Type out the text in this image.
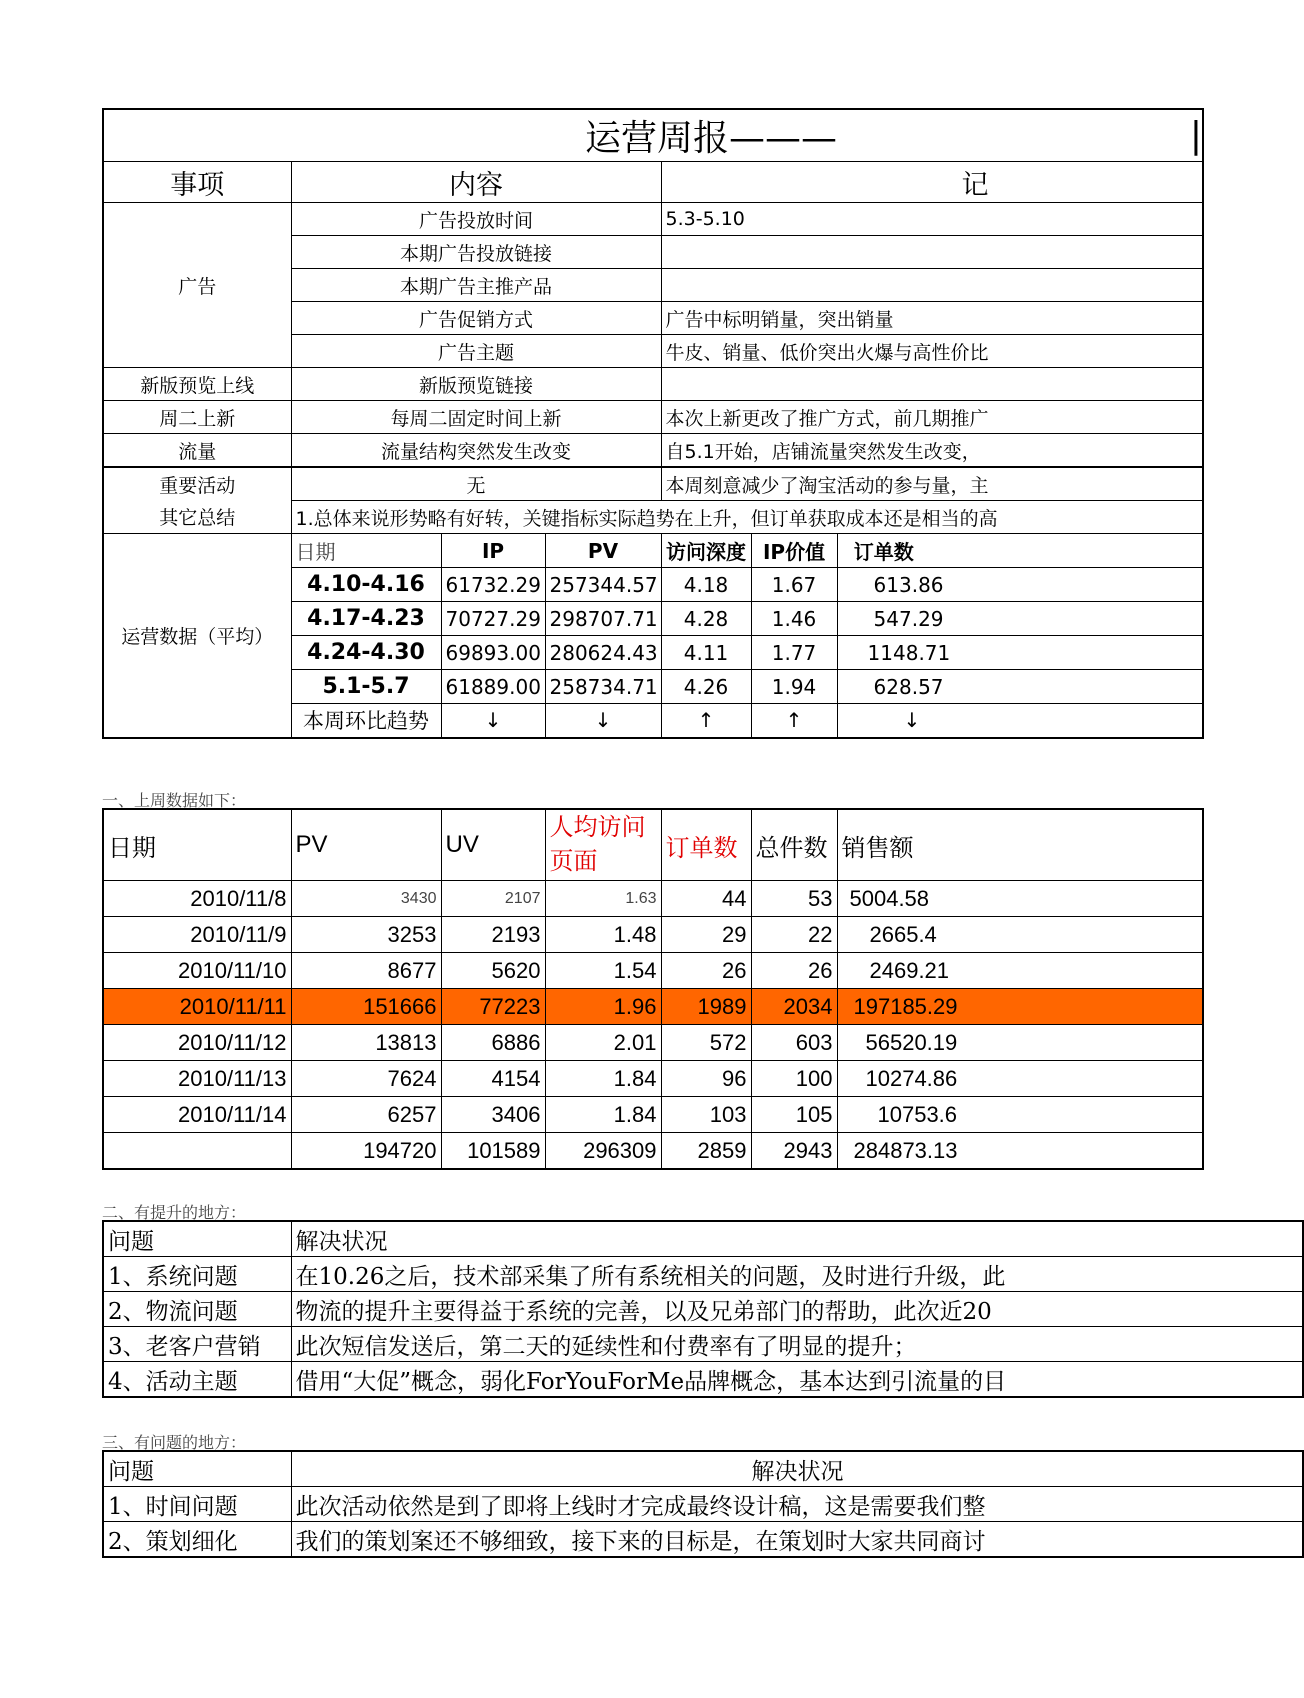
运营周报———						|
事项	内容			记		
广告	广告投放时间			5.3-5.10		
	本期广告投放链接					
	本期广告主推产品					
	广告促销方式			广告中标明销量，突出销量		
	广告主题			牛皮、销量、低价突出火爆与高性价比		
新版预览上线	新版预览链接					
周二上新	每周二固定时间上新			本次上新更改了推广方式，前几期推广		
流量	流量结构突然发生改变			自5.1开始，店铺流量突然发生改变，		
重要活动	无			本周刻意减少了淘宝活动的参与量，主		
其它总结	1.总体来说形势略有好转，关键指标实际趋势在上升，但订单获取成本还是相当的高					
运营数据（平均）	日期	IP	PV	访问深度	IP价值	订单数
	4.10-4.16	61732.29	257344.57	4.18	1.67	613.86
	4.17-4.23	70727.29	298707.71	4.28	1.46	547.29
	4.24-4.30	69893.00	280624.43	4.11	1.77	1148.71
	5.1-5.7	61889.00	258734.71	4.26	1.94	628.57
	本周环比趋势	↓	↓	↑	↑	↓
一、上周数据如下：
日期	PV	UV	人均访问页面	订单数	总件数	销售额
2010/11/8	3430	2107	1.63	44	53	5004.58
2010/11/9	3253	2193	1.48	29	22	2665.4
2010/11/10	8677	5620	1.54	26	26	2469.21
2010/11/11	151666	77223	1.96	1989	2034	197185.29
2010/11/12	13813	6886	2.01	572	603	56520.19
2010/11/13	7624	4154	1.84	96	100	10274.86
2010/11/14	6257	3406	1.84	103	105	10753.6
	194720	101589	296309	2859	2943	284873.13
二、有提升的地方：
问题	解决状况
1、系统问题	在10.26之后，技术部采集了所有系统相关的问题，及时进行升级，此
2、物流问题	物流的提升主要得益于系统的完善，以及兄弟部门的帮助，此次近20
3、老客户营销	此次短信发送后，第二天的延续性和付费率有了明显的提升；
4、活动主题	借用“大促”概念，弱化ForYouForMe品牌概念，基本达到引流量的目
三、有问题的地方：
问题	解决状况
1、时间问题	此次活动依然是到了即将上线时才完成最终设计稿，这是需要我们整
2、策划细化	我们的策划案还不够细致，接下来的目标是，在策划时大家共同商讨
